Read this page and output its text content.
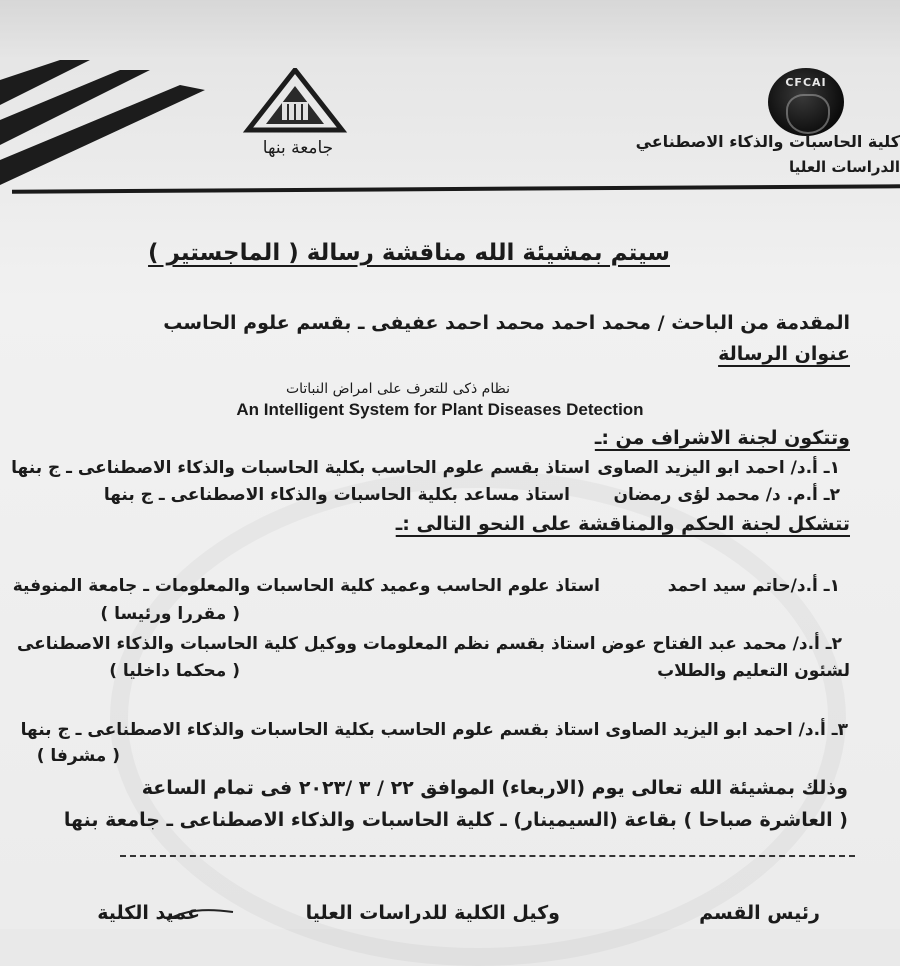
جامعة بنها
CFCAI
كلية الحاسبات والذكاء الاصطناعي
الدراسات العليا
سيتم بمشيئة الله مناقشة رسالة ( الماجستير )
المقدمة من الباحث / محمد احمد محمد احمد عفيفى ـ بقسم علوم الحاسب
عنوان الرسالة
نظام ذكى للتعرف على امراض النباتات
An Intelligent System for Plant Diseases Detection
وتتكون لجنة الاشراف من :ـ
١ـ أ.د/ احمد ابو اليزيد الصاوى
استاذ بقسم علوم الحاسب بكلية الحاسبات والذكاء الاصطناعى ـ ج بنها
٢ـ أ.م. د/ محمد لؤى رمضان
استاذ مساعد بكلية الحاسبات والذكاء الاصطناعى ـ ج بنها
تتشكل لجنة الحكم والمناقشة على النحو التالى :ـ
١ـ أ.د/حاتم سيد احمد
استاذ علوم الحاسب وعميد كلية الحاسبات والمعلومات ـ جامعة المنوفية
( مقررا ورئيسا )
٢ـ أ.د/ محمد عبد الفتاح عوض استاذ بقسم نظم المعلومات ووكيل كلية الحاسبات والذكاء الاصطناعى
لشئون التعليم والطلاب
( محكما داخليا )
٣ـ أ.د/ احمد ابو اليزيد الصاوى استاذ بقسم علوم الحاسب بكلية الحاسبات والذكاء الاصطناعى ـ ج بنها
( مشرفا )
وذلك بمشيئة الله تعالى يوم (الاربعاء) الموافق ٢٢ / ٣ /٢٠٢٣ فى تمام الساعة
( العاشرة صباحا ) بقاعة (السيمينار) ـ كلية الحاسبات والذكاء الاصطناعى ـ جامعة بنها
رئيس القسم
وكيل الكلية للدراسات العليا
عميد الكلية
